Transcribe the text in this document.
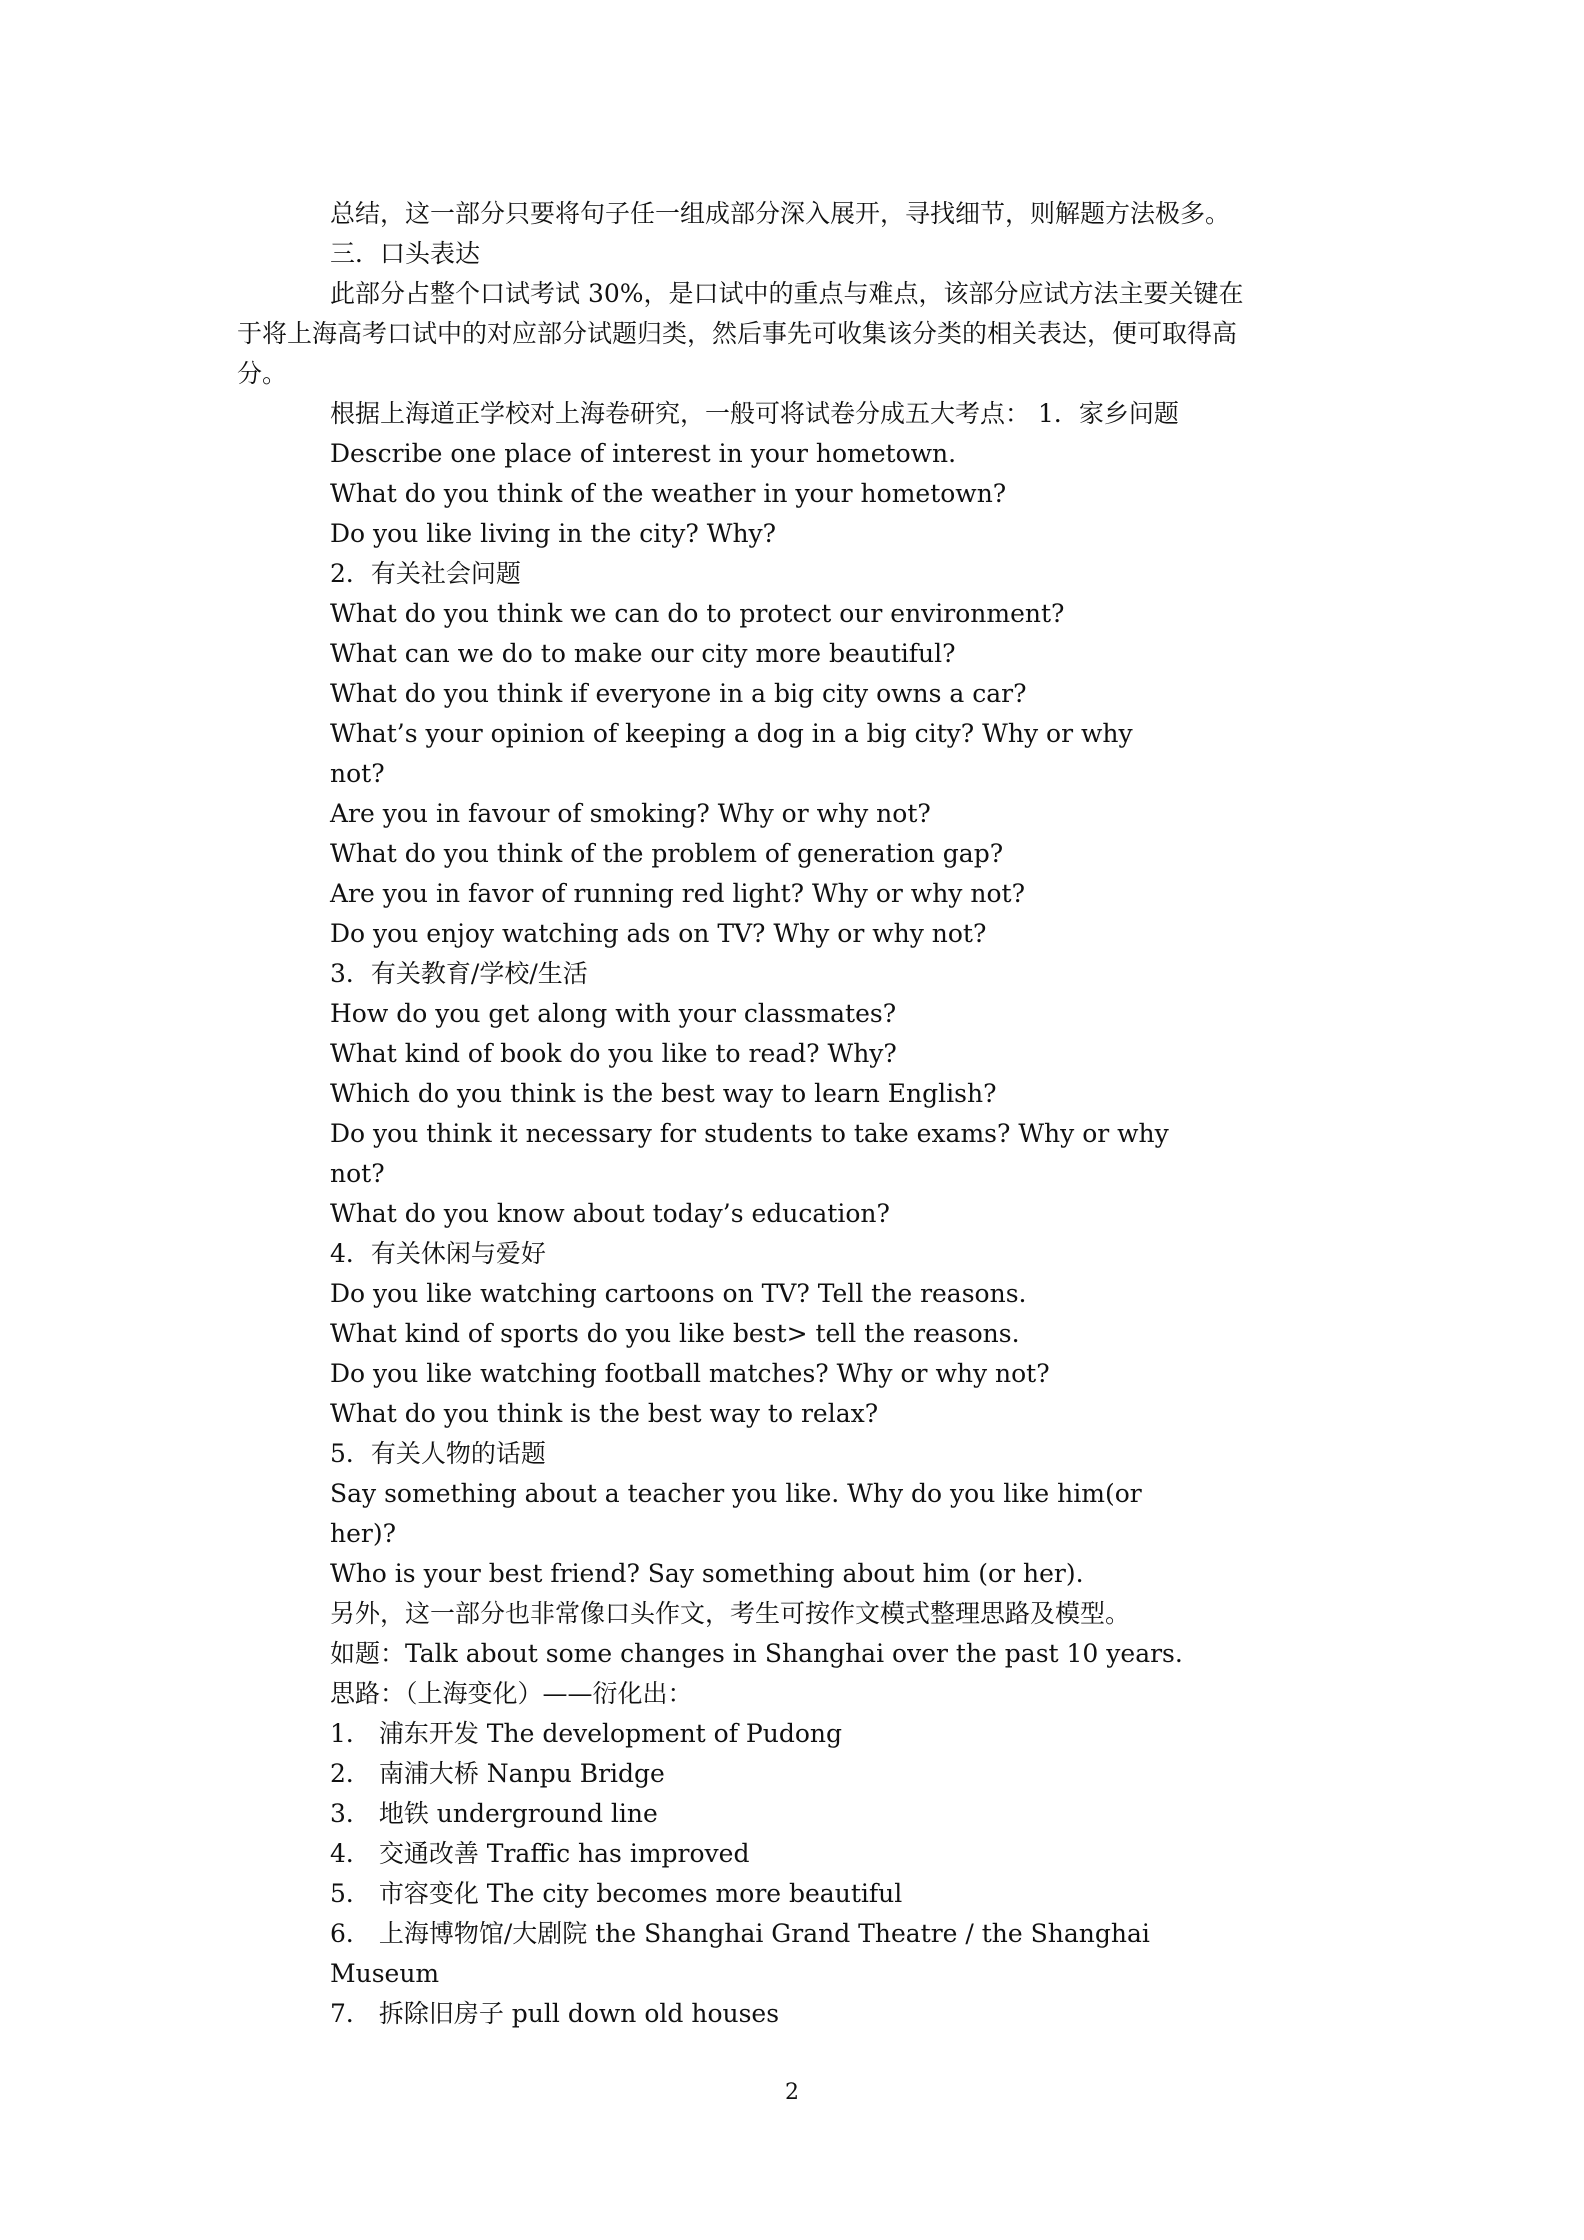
总结，这一部分只要将句子任一组成部分深入展开，寻找细节，则解题方法极多。
三．口头表达
此部分占整个口试考试 30%，是口试中的重点与难点，该部分应试方法主要关键在
于将上海高考口试中的对应部分试题归类，然后事先可收集该分类的相关表达，便可取得高
分。
根据上海道正学校对上海卷研究，一般可将试卷分成五大考点： 1．家乡问题
Describe one place of interest in your hometown.
What do you think of the weather in your hometown?
Do you like living in the city? Why?
2．有关社会问题
What do you think we can do to protect our environment?
What can we do to make our city more beautiful?
What do you think if everyone in a big city owns a car?
What’s your opinion of keeping a dog in a big city? Why or why
not?
Are you in favour of smoking? Why or why not?
What do you think of the problem of generation gap?
Are you in favor of running red light? Why or why not?
Do you enjoy watching ads on TV? Why or why not?
3．有关教育/学校/生活
How do you get along with your classmates?
What kind of book do you like to read? Why?
Which do you think is the best way to learn English?
Do you think it necessary for students to take exams? Why or why
not?
What do you know about today’s education?
4．有关休闲与爱好
Do you like watching cartoons on TV? Tell the reasons.
What kind of sports do you like best> tell the reasons.
Do you like watching football matches? Why or why not?
What do you think is the best way to relax?
5．有关人物的话题
Say something about a teacher you like. Why do you like him(or
her)?
Who is your best friend? Say something about him (or her).
另外，这一部分也非常像口头作文，考生可按作文模式整理思路及模型。
如题：Talk about some changes in Shanghai over the past 10 years.
思路：（上海变化）——衍化出：
1． 浦东开发 The development of Pudong
2． 南浦大桥 Nanpu Bridge
3． 地铁 underground line
4． 交通改善 Traffic has improved
5． 市容变化 The city becomes more beautiful
6． 上海博物馆/大剧院 the Shanghai Grand Theatre / the Shanghai
Museum
7． 拆除旧房子 pull down old houses
2
